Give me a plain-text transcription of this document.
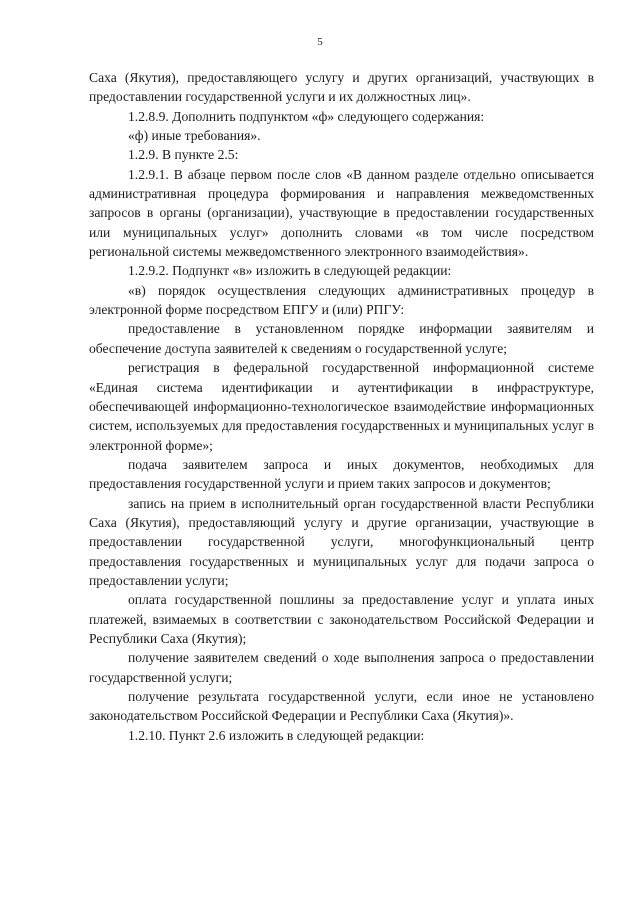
5

Саха (Якутия), предоставляющего услугу и других организаций, участвующих в предоставлении государственной услуги и их должностных лиц».

1.2.8.9. Дополнить подпунктом «ф» следующего содержания:

«ф) иные требования».

1.2.9. В пункте 2.5:

1.2.9.1. В абзаце первом после слов «В данном разделе отдельно описывается административная процедура формирования и направления межведомственных запросов в органы (организации), участвующие в предоставлении государственных или муниципальных услуг» дополнить словами «в том числе посредством региональной системы межведомственного электронного взаимодействия».

1.2.9.2. Подпункт «в» изложить в следующей редакции:

«в) порядок осуществления следующих административных процедур в электронной форме посредством ЕПГУ и (или) РПГУ:

предоставление в установленном порядке информации заявителям и обеспечение доступа заявителей к сведениям о государственной услуге;

регистрация в федеральной государственной информационной системе «Единая система идентификации и аутентификации в инфраструктуре, обеспечивающей информационно-технологическое взаимодействие информационных систем, используемых для предоставления государственных и муниципальных услуг в электронной форме»;

подача заявителем запроса и иных документов, необходимых для предоставления государственной услуги и прием таких запросов и документов;

запись на прием в исполнительный орган государственной власти Республики Саха (Якутия), предоставляющий услугу и другие организации, участвующие в предоставлении государственной услуги, многофункциональный центр предоставления государственных и муниципальных услуг для подачи запроса о предоставлении услуги;

оплата государственной пошлины за предоставление услуг и уплата иных платежей, взимаемых в соответствии с законодательством Российской Федерации и Республики Саха (Якутия);

получение заявителем сведений о ходе выполнения запроса о предоставлении государственной услуги;

получение результата государственной услуги, если иное не установлено законодательством Российской Федерации и Республики Саха (Якутия)».

1.2.10. Пункт 2.6 изложить в следующей редакции:
